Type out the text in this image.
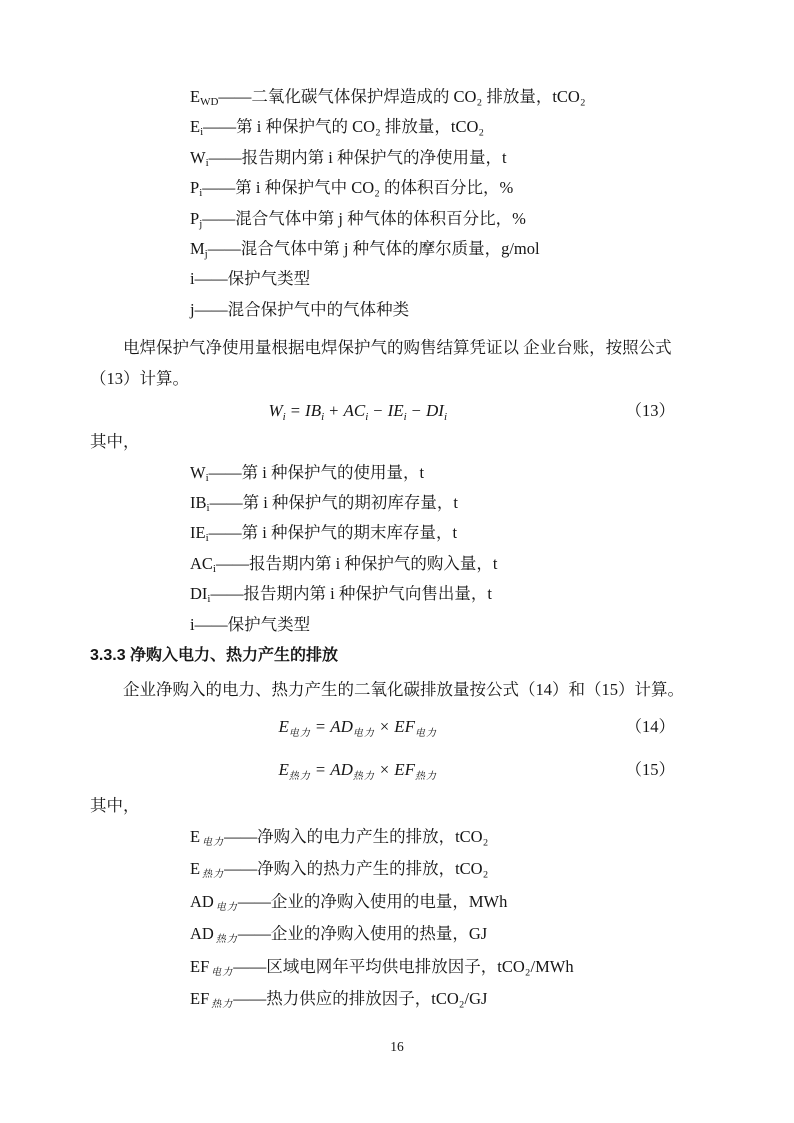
$E_{WD}——$二氧化碳气体保护焊造成的 CO₂ 排放量，tCO₂

$E_i——$第 i 种保护气的 CO₂ 排放量，tCO₂

$W_i——$报告期内第 i 种保护气的净使用量，t

$P_i——$第 i 种保护气中 CO₂ 的体积百分比，%

$P_j——$混合气体中第 j 种气体的体积百分比，%

$M_j——$混合气体中第 j 种气体的摩尔质量，g/mol

i——保护气类型

j——混合保护气中的气体种类

电焊保护气净使用量根据电焊保护气的购售结算凭证以 企业台账，按照公式
（13）计算。
$W_i = IB_i + AC_i - IE_i - DI_i$	（13）

其中，

$W_i——$第 i 种保护气的使用量，t

$IB_i——$第 i 种保护气的期初库存量，t

$IE_i——$第 i 种保护气的期末库存量，t

$AC_i——$报告期内第 i 种保护气的购入量，t

$DI_i——$报告期内第 i 种保护气向售出量，t

i——保护气类型

3.3.3 净购入电力、热力产生的排放
企业净购入的电力、热力产生的二氧化碳排放量按公式（14）和（15）计算。
$E_{电力} = AD_{电力} \times EF_{电力}$	（14）
$E_{热力} = AD_{热力} \times EF_{热力}$	（15）

其中，

E $_{电力}$——净购入的电力产生的排放，tCO₂

E $_{热力}$——净购入的热力产生的排放，tCO₂

AD $_{电力}$——企业的净购入使用的电量，MWh

AD $_{热力}$——企业的净购入使用的热量，GJ

EF $_{电力}$——区域电网年平均供电排放因子，tCO₂/MWh

EF $_{热力}$——热力供应的排放因子，tCO₂/GJ

16
